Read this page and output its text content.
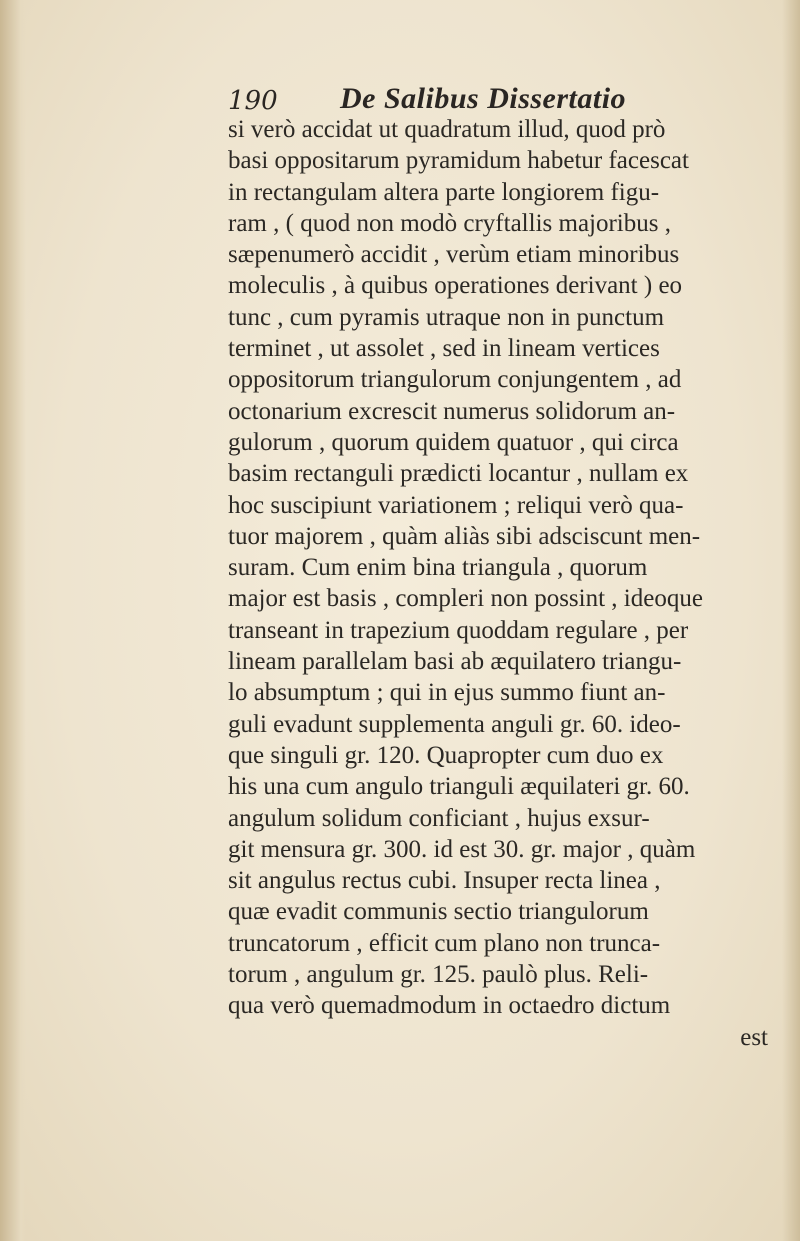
190 De Salibus Dissertatio
si verò accidat ut quadratum illud, quod prò
basi oppositarum pyramidum habetur facescat
in rectangulam altera parte longiorem figu-
ram , ( quod non modò cryftallis majoribus ,
sæpenumerò accidit , verùm etiam minoribus
moleculis , à quibus operationes derivant ) eo
tunc , cum pyramis utraque non in punctum
terminet , ut assolet , sed in lineam vertices
oppositorum triangulorum conjungentem , ad
octonarium excrescit numerus solidorum an-
gulorum , quorum quidem quatuor , qui circa
basim rectanguli prædicti locantur , nullam ex
hoc suscipiunt variationem ; reliqui verò qua-
tuor majorem , quàm aliàs sibi adsciscunt men-
suram. Cum enim bina triangula , quorum
major est basis , compleri non possint , ideoque
transeant in trapezium quoddam regulare , per
lineam parallelam basi ab æquilatero triangu-
lo absumptum ; qui in ejus summo fiunt an-
guli evadunt supplementa anguli gr. 60. ideo-
que singuli gr. 120. Quapropter cum duo ex
his una cum angulo trianguli æquilateri gr. 60.
angulum solidum conficiant , hujus exsur-
git mensura gr. 300. id est 30. gr. major , quàm
sit angulus rectus cubi. Insuper recta linea ,
quæ evadit communis sectio triangulorum
truncatorum , efficit cum plano non trunca-
torum , angulum gr. 125. paulò plus. Reli-
qua verò quemadmodum in octaedro dictum
est
